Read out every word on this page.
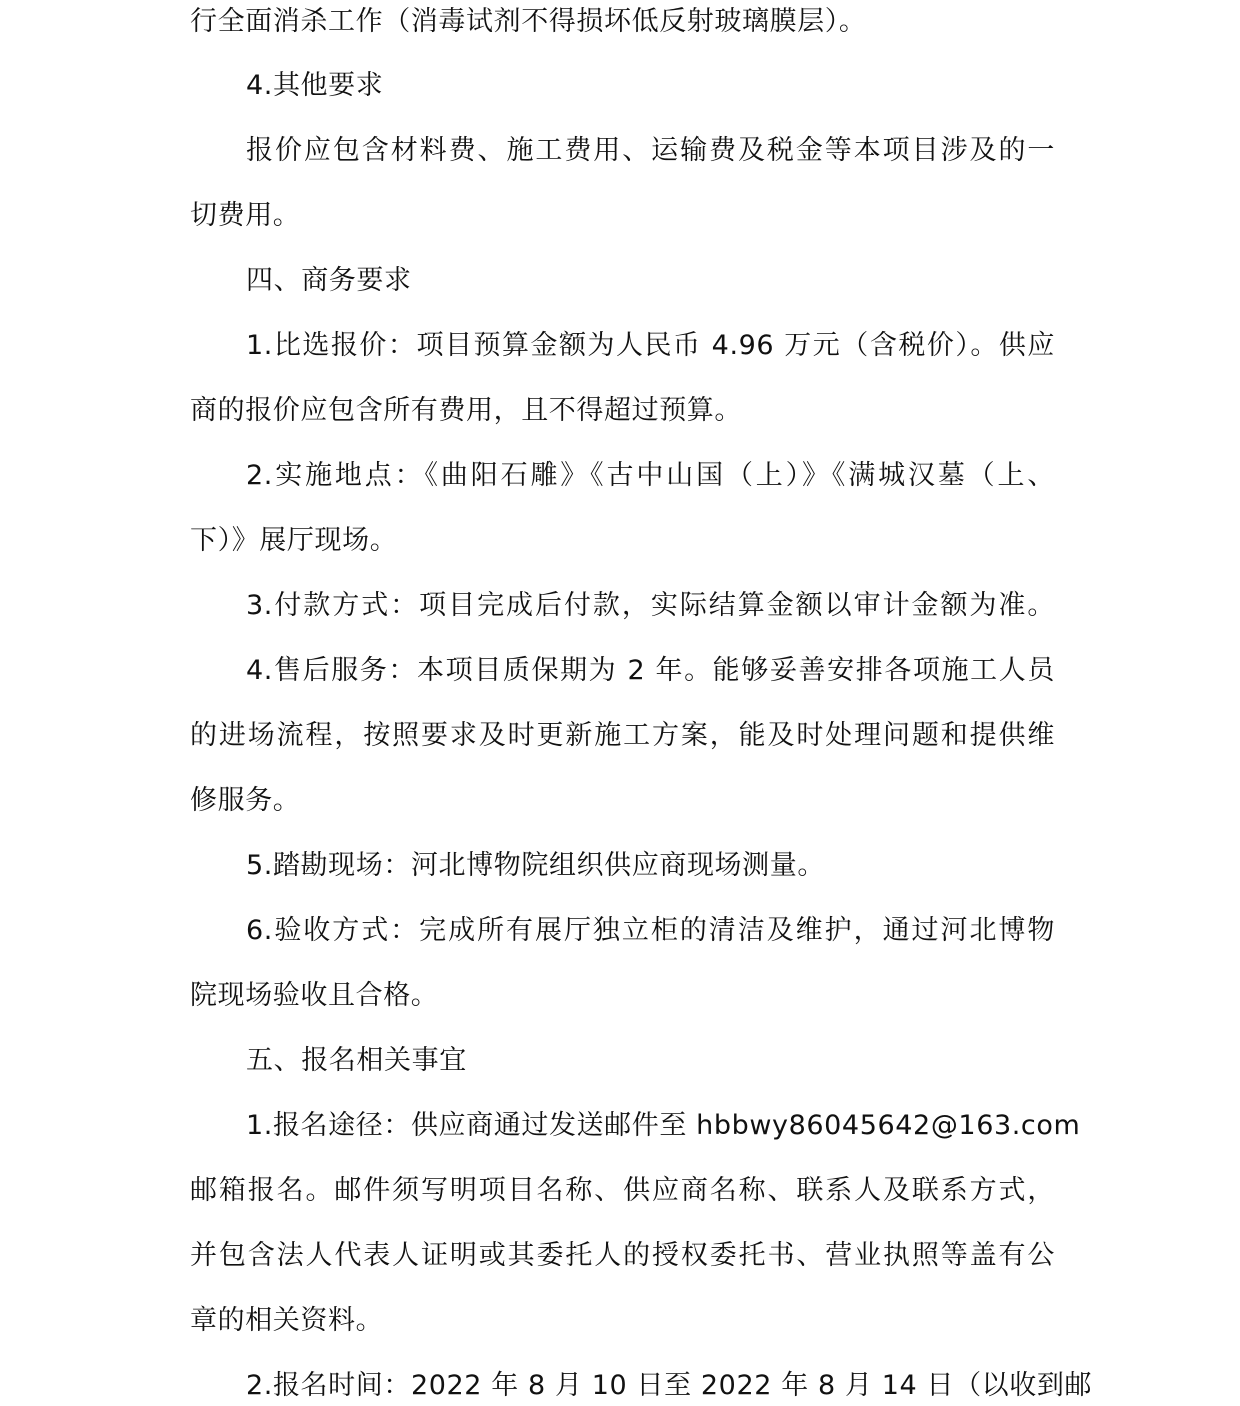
行全面消杀工作（消毒试剂不得损坏低反射玻璃膜层）。
4.其他要求
报价应包含材料费、施工费用、运输费及税金等本项目涉及的一
切费用。
四、商务要求
1.比选报价：项目预算金额为人民币 4.96 万元（含税价）。供应
商的报价应包含所有费用，且不得超过预算。
2.实施地点：《曲阳石雕》《古中山国（上）》《满城汉墓（上、
下）》展厅现场。
3.付款方式：项目完成后付款，实际结算金额以审计金额为准。
4.售后服务：本项目质保期为 2 年。能够妥善安排各项施工人员
的进场流程，按照要求及时更新施工方案，能及时处理问题和提供维
修服务。
5.踏勘现场：河北博物院组织供应商现场测量。
6.验收方式：完成所有展厅独立柜的清洁及维护，通过河北博物
院现场验收且合格。
五、报名相关事宜
1.报名途径：供应商通过发送邮件至 hbbwy86045642@163.com
邮箱报名。邮件须写明项目名称、供应商名称、联系人及联系方式，
并包含法人代表人证明或其委托人的授权委托书、营业执照等盖有公
章的相关资料。
2.报名时间：2022 年 8 月 10 日至 2022 年 8 月 14 日（以收到邮
